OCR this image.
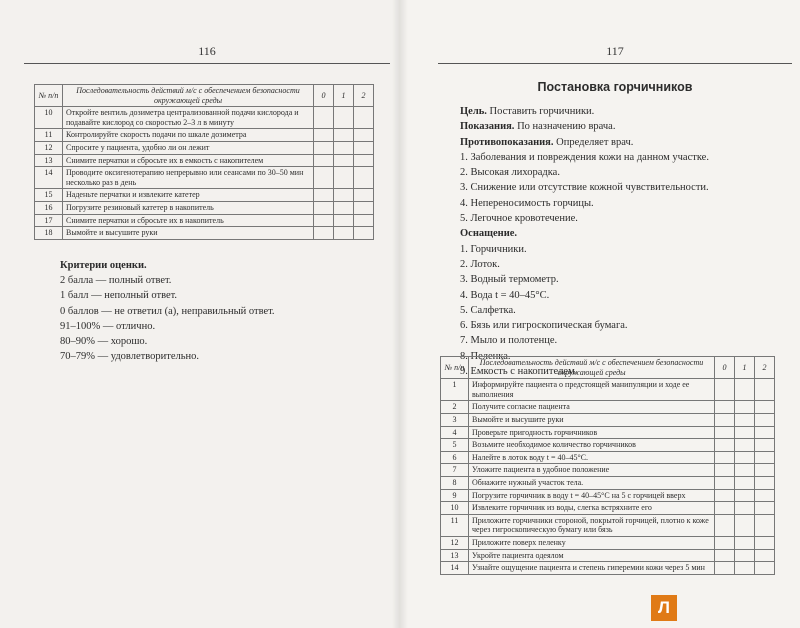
116	117
Постановка горчичников
Цель. Поставить горчичники.
Показания. По назначению врача.
Противопоказания. Определяет врач.
1. Заболевания и повреждения кожи на данном участке.
2. Высокая лихорадка.
3. Снижение или отсутствие кожной чувствительности.
4. Непереносимость горчицы.
5. Легочное кровотечение.
Оснащение.
1. Горчичники.
2. Лоток.
3. Водный термометр.
4. Вода t = 40–45°С.
5. Салфетка.
6. Бязь или гигроскопическая бумага.
7. Мыло и полотенце.
8. Пеленка.
9. Емкость с накопителем.
№ п/п	Последовательность действий м/с с обеспечением безопасности окружающей среды	0	1	2
10	Откройте вентиль дозиметра централизованной подачи кислорода и подавайте кислород со скоростью 2–3 л в минуту			
11	Контролируйте скорость подачи по шкале дозиметра			
12	Спросите у пациента, удобно ли он лежит			
13	Снимите перчатки и сбросьте их в емкость с накопителем			
14	Проводите оксигенотерапию непрерывно или сеансами по 30–50 мин несколько раз в день			
15	Наденьте перчатки и извлеките катетер			
16	Погрузите резиновый катетер в накопитель			
17	Снимите перчатки и сбросьте их в накопитель			
18	Вымойте и высушите руки			
Критерии оценки.
2 балла — полный ответ.
1 балл — неполный ответ.
0 баллов — не ответил (а), неправильный ответ.
91–100% — отлично.
80–90% — хорошо.
70–79% — удовлетворительно.
№ п/п	Последовательность действий м/с с обеспечением безопасности окружающей среды	0	1	2
1	Информируйте пациента о предстоящей манипуляции и ходе ее выполнения			
2	Получите согласие пациента			
3	Вымойте и высушите руки			
4	Проверьте пригодность горчичников			
5	Возьмите необходимое количество горчичников			
6	Налейте в лоток воду t = 40–45°С.			
7	Уложите пациента в удобное положение			
8	Обнажите нужный участок тела.			
9	Погрузите горчичник в воду t = 40–45°С на 5 с горчицей вверх			
10	Извлеките горчичник из воды, слегка встряхните его			
11	Приложите горчичники стороной, покрытой горчицей, плотно к коже через гигроскопическую бумагу или бязь			
12	Приложите поверх пеленку			
13	Укройте пациента одеялом			
14	Узнайте ощущение пациента и степень гиперемии кожи через 5 мин			
Л
